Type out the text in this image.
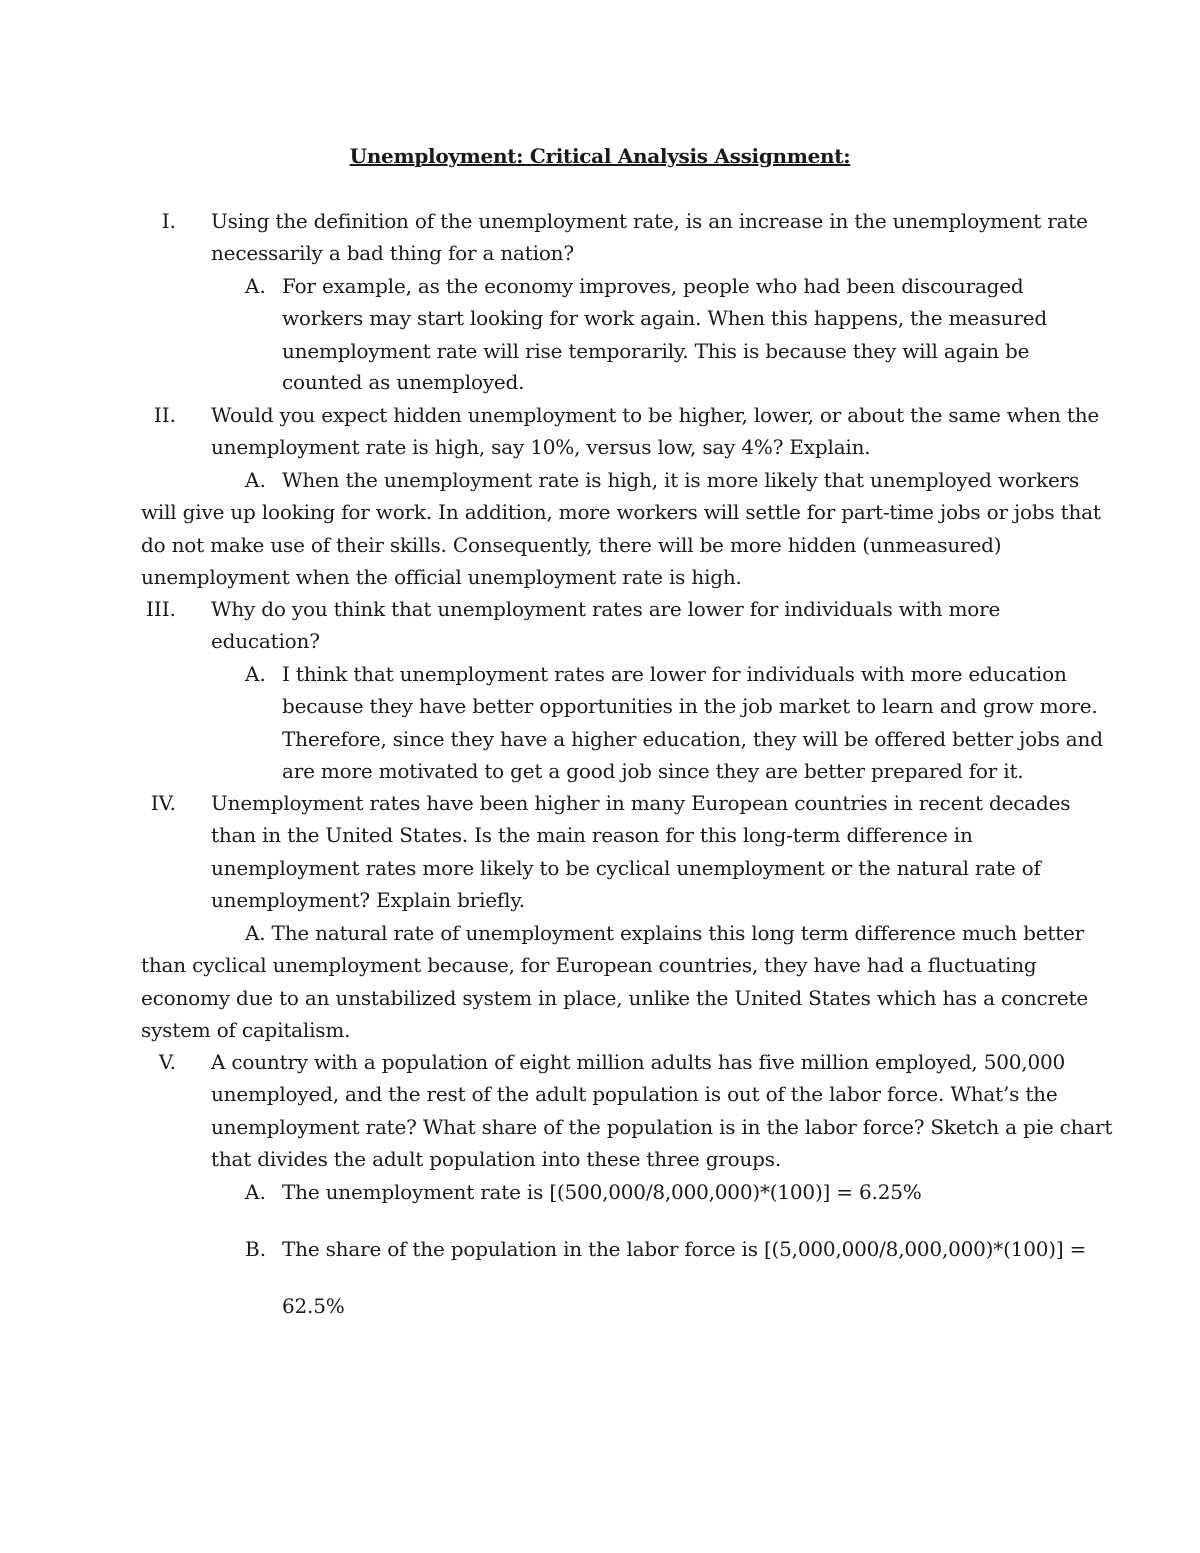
Unemployment: Critical Analysis Assignment:
I. Using the definition of the unemployment rate, is an increase in the unemployment rate
necessarily a bad thing for a nation?
A. For example, as the economy improves, people who had been discouraged
workers may start looking for work again. When this happens, the measured
unemployment rate will rise temporarily. This is because they will again be
counted as unemployed.
II. Would you expect hidden unemployment to be higher, lower, or about the same when the
unemployment rate is high, say 10%, versus low, say 4%? Explain.
A. When the unemployment rate is high, it is more likely that unemployed workers
will give up looking for work. In addition, more workers will settle for part-time jobs or jobs that
do not make use of their skills. Consequently, there will be more hidden (unmeasured)
unemployment when the official unemployment rate is high.
III. Why do you think that unemployment rates are lower for individuals with more
education?
A. I think that unemployment rates are lower for individuals with more education
because they have better opportunities in the job market to learn and grow more.
Therefore, since they have a higher education, they will be offered better jobs and
are more motivated to get a good job since they are better prepared for it.
IV. Unemployment rates have been higher in many European countries in recent decades
than in the United States. Is the main reason for this long-term difference in
unemployment rates more likely to be cyclical unemployment or the natural rate of
unemployment? Explain briefly.
A. The natural rate of unemployment explains this long term difference much better
than cyclical unemployment because, for European countries, they have had a fluctuating
economy due to an unstabilized system in place, unlike the United States which has a concrete
system of capitalism.
V. A country with a population of eight million adults has five million employed, 500,000
unemployed, and the rest of the adult population is out of the labor force. What’s the
unemployment rate? What share of the population is in the labor force? Sketch a pie chart
that divides the adult population into these three groups.
A. The unemployment rate is [(500,000/8,000,000)*(100)] = 6.25%
B. The share of the population in the labor force is [(5,000,000/8,000,000)*(100)] =
62.5%
